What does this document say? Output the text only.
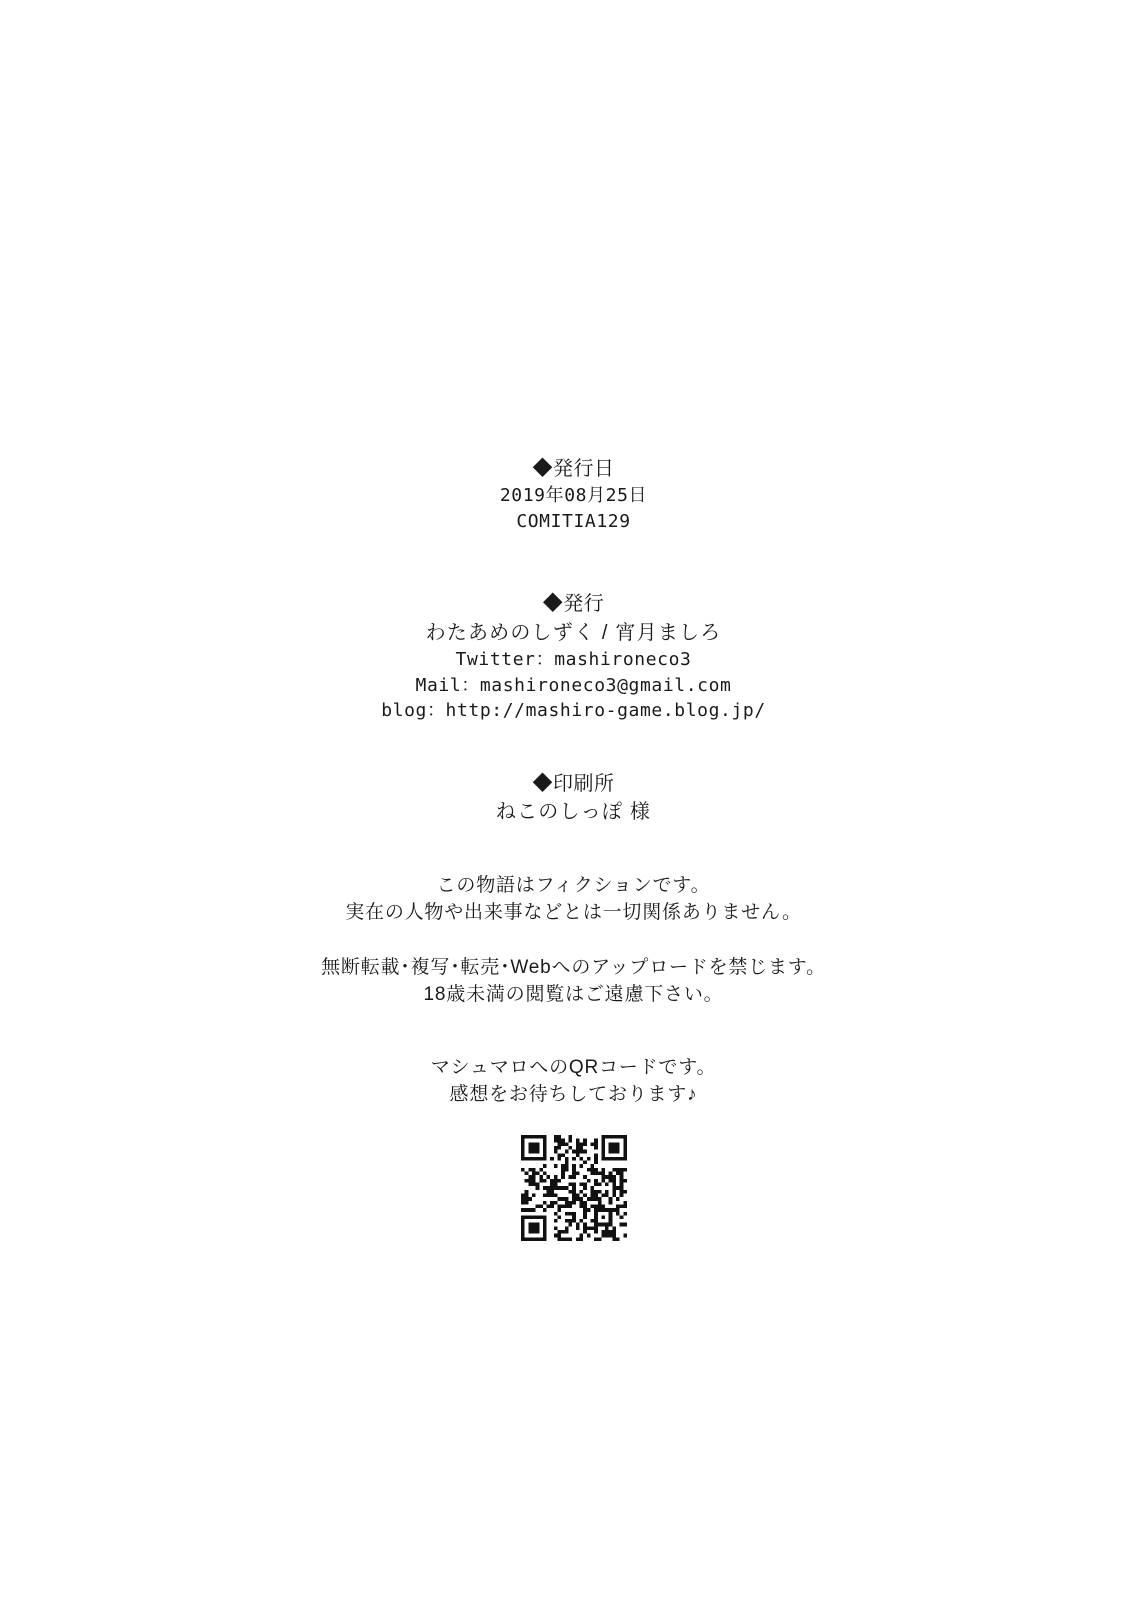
◆発行日
2019年08月25日
COMITIA129
◆発行
わたあめのしずく / 宵月ましろ
Twitter：mashironeco3
Mail：mashironeco3@gmail.com
blog：http://mashiro-game.blog.jp/
◆印刷所
ねこのしっぽ 様
この物語はフィクションです。
実在の人物や出来事などとは一切関係ありません。
無断転載･複写･転売･Webへのアップロードを禁じます。
18歳未満の閲覧はご遠慮下さい。
マシュマロへのQRコードです。
感想をお待ちしております♪
